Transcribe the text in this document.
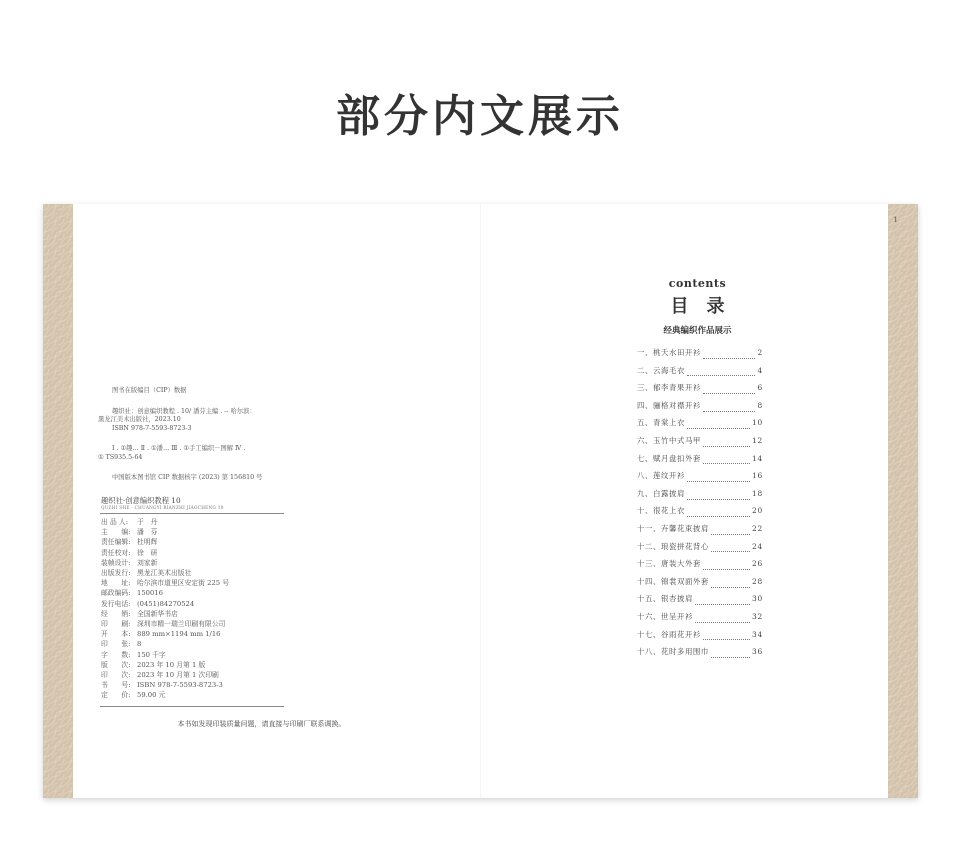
部分内文展示
图书在版编目（CIP）数据
趣织社：创意编织教程 . 10/ 潘芬主编 . -- 哈尔滨：
黑龙江美术出版社，2023.10
ISBN 978-7-5593-8723-3
Ⅰ . ①趣… Ⅱ . ①潘… Ⅲ . ①手工编织－图解 Ⅳ .
① TS935.5-64
中国版本图书馆 CIP 数据核字 (2023) 第 156810 号
趣织社·创意编织教程 10
QUZHI SHE · CHUANGYI BIANZHI JIAOCHENG 10
出 品 人: 于　丹
主　　编: 潘　芬
责任编辑: 杜明辉
责任校对: 徐　研
装帧设计: 刘家新
出版发行: 黑龙江美术出版社
地　　址: 哈尔滨市道里区安定街 225 号
邮政编码: 150016
发行电话: (0451)84270524
经　　销: 全国新华书店
印　　刷: 深圳市精一瑞兰印刷有限公司
开　　本: 889 mm×1194 mm 1/16
印　　张: 8
字　　数: 150 千字
版　　次: 2023 年 10 月第 1 版
印　　次: 2023 年 10 月第 1 次印刷
书　　号: ISBN 978-7-5593-8723-3
定　　价: 59.00 元
本书如发现印装质量问题，请直接与印刷厂联系调换。
1
contents
目录
经典编织作品展示
一、桃夭水田开衫	2
二、云海毛衣	4
三、郁李青果开衫	6
四、骊格对襟开衫	8
五、青棠上衣	10
六、玉竹中式马甲	12
七、赋月盘扣外套	14
八、莲纹开衫	16
九、白露披肩	18
十、很花上衣	20
十一、卉馨花束披肩	22
十二、琅瓷拼花背心	24
十三、唐装大外套	26
十四、锦裳双面外套	28
十五、银杏披肩	30
十六、世呈开衫	32
十七、谷雨花开衫	34
十八、花时多用围巾	36
